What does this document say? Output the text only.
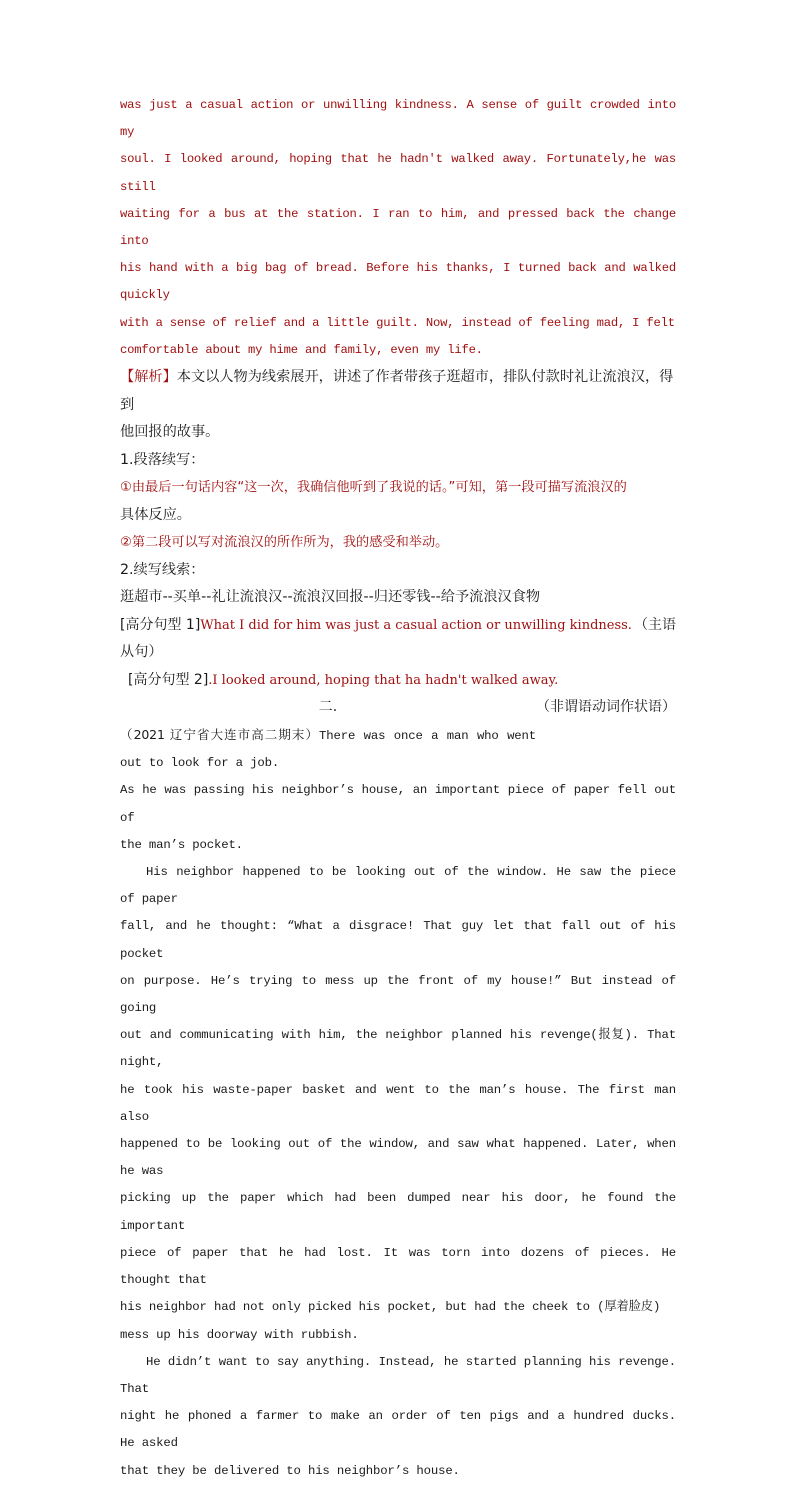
was just a casual action or unwilling kindness. A sense of guilt crowded into my

soul. I looked around, hoping that he hadn't walked away. Fortunately,he was still

waiting for a bus at the station. I ran to him, and pressed back the change into

his hand with a big bag of bread. Before his thanks, I turned back and walked quickly

with a sense of relief and a little guilt. Now, instead of feeling mad, I felt

comfortable about my hime and family, even my life.

【解析】本文以人物为线索展开，讲述了作者带孩子逛超市，排队付款时礼让流浪汉，得到

他回报的故事。

1.段落续写：

①由最后一句话内容“这一次，我确信他听到了我说的话。”可知，第一段可描写流浪汉的

具体反应。

②第二段可以写对流浪汉的所作所为，我的感受和举动。

2.续写线索：

逛超市--买单--礼让流浪汉--流浪汉回报--归还零钱--给予流浪汉食物

[高分句型 1]What I did for him was just a casual action or unwilling kindness. （主语

从句）

[高分句型 2].I looked around, hoping that ha hadn't walked away.
（非谓语动词作状语）

二.

（2021 辽宁省大连市高二期末）There was once a man who went out to look for a job.

As he was passing his neighbor’s house, an important piece of paper fell out of

the man’s pocket.

His neighbor happened to be looking out of the window. He saw the piece of paper

fall, and he thought: “What a disgrace! That guy let that fall out of his pocket

on purpose. He’s trying to mess up the front of my house!” But instead of going

out and communicating with him, the neighbor planned his revenge(报复). That night,

he took his waste-paper basket and went to the man’s house. The first man also

happened to be looking out of the window, and saw what happened. Later, when he was

picking up the paper which had been dumped near his door, he found the important

piece of paper that he had lost. It was torn into dozens of pieces. He thought that

his neighbor had not only picked his pocket, but had the cheek to (厚着脸皮)

mess up his doorway with rubbish.

He didn’t want to say anything. Instead, he started planning his revenge. That

night he phoned a farmer to make an order of ten pigs and a hundred ducks. He asked

that they be delivered to his neighbor’s house.
